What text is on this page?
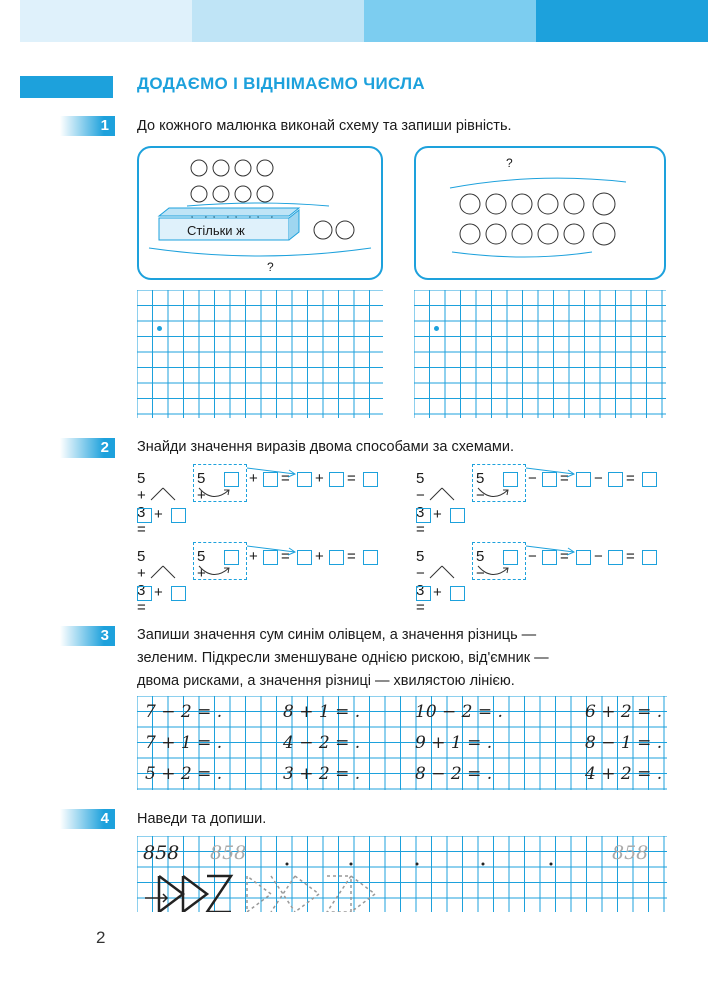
ДОДАЄМО І ВІДНІМАЄМО ЧИСЛА
1	До кожного малюнка виконай схему та запиши рівність.
Стільки ж
?
?
2	Знайди значення виразів двома способами за схемами.
5 + 3 =
5 +
+ = + =
+
5 − 3 =
5 −
− = − =
+
5 + 3 =
5 +
+ = + =
+
5 − 3 =
5 −
− = − =
+
3	Запиши значення сум синім олівцем, а значення різниць —
зеленим. Підкресли зменшуване однією рискою, від'ємник —
двома рисками, а значення різниці — хвилястою лінією.
7 − 2 = .	8 + 1 = .	10 − 2 = .	6 + 2 = .
7 + 1 = .	4 − 2 = .	9 + 1 = .	8 − 1 = .
5 + 2 = .	3 + 2 = .	8 − 2 = .	4 + 2 = .
4	Наведи та допиши.
858 858	858
2
